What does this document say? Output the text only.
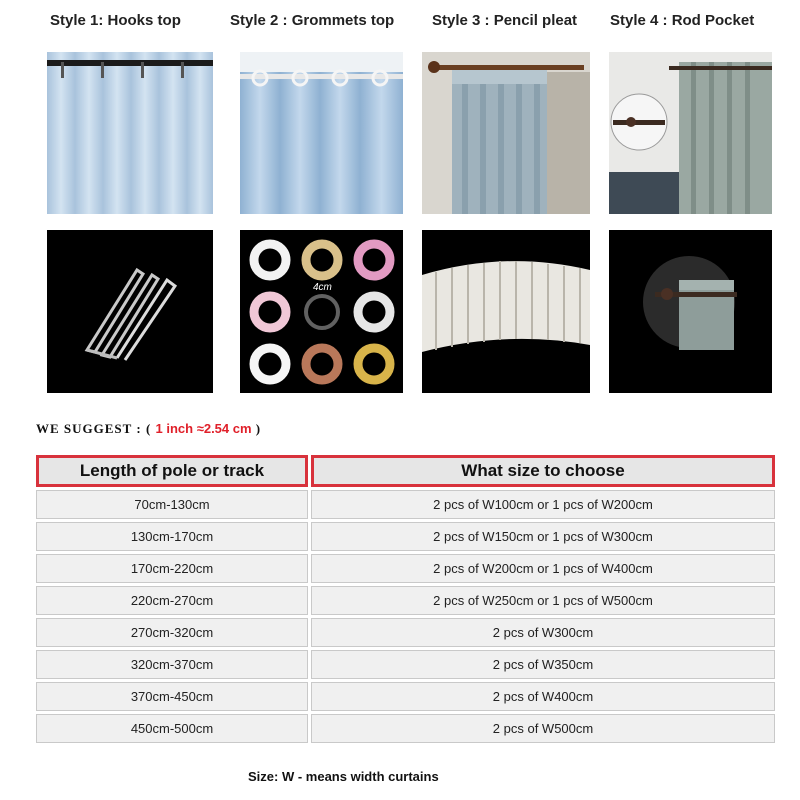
Style 1: Hooks top	Style 2 : Grommets top	Style 3 : Pencil pleat Style 4 : Rod Pocket
4cm
WE SUGGEST : ( 1 inch ≈2.54 cm )
Length of pole or track	What size to choose
70cm-130cm	2 pcs of W100cm or 1 pcs of W200cm
130cm-170cm	2 pcs of W150cm or 1 pcs of W300cm
170cm-220cm	2 pcs of W200cm or 1 pcs of W400cm
220cm-270cm	2 pcs of W250cm or 1 pcs of W500cm
270cm-320cm	2 pcs of W300cm
320cm-370cm	2 pcs of W350cm
370cm-450cm	2 pcs of W400cm
450cm-500cm	2 pcs of W500cm
Size: W - means width curtains
